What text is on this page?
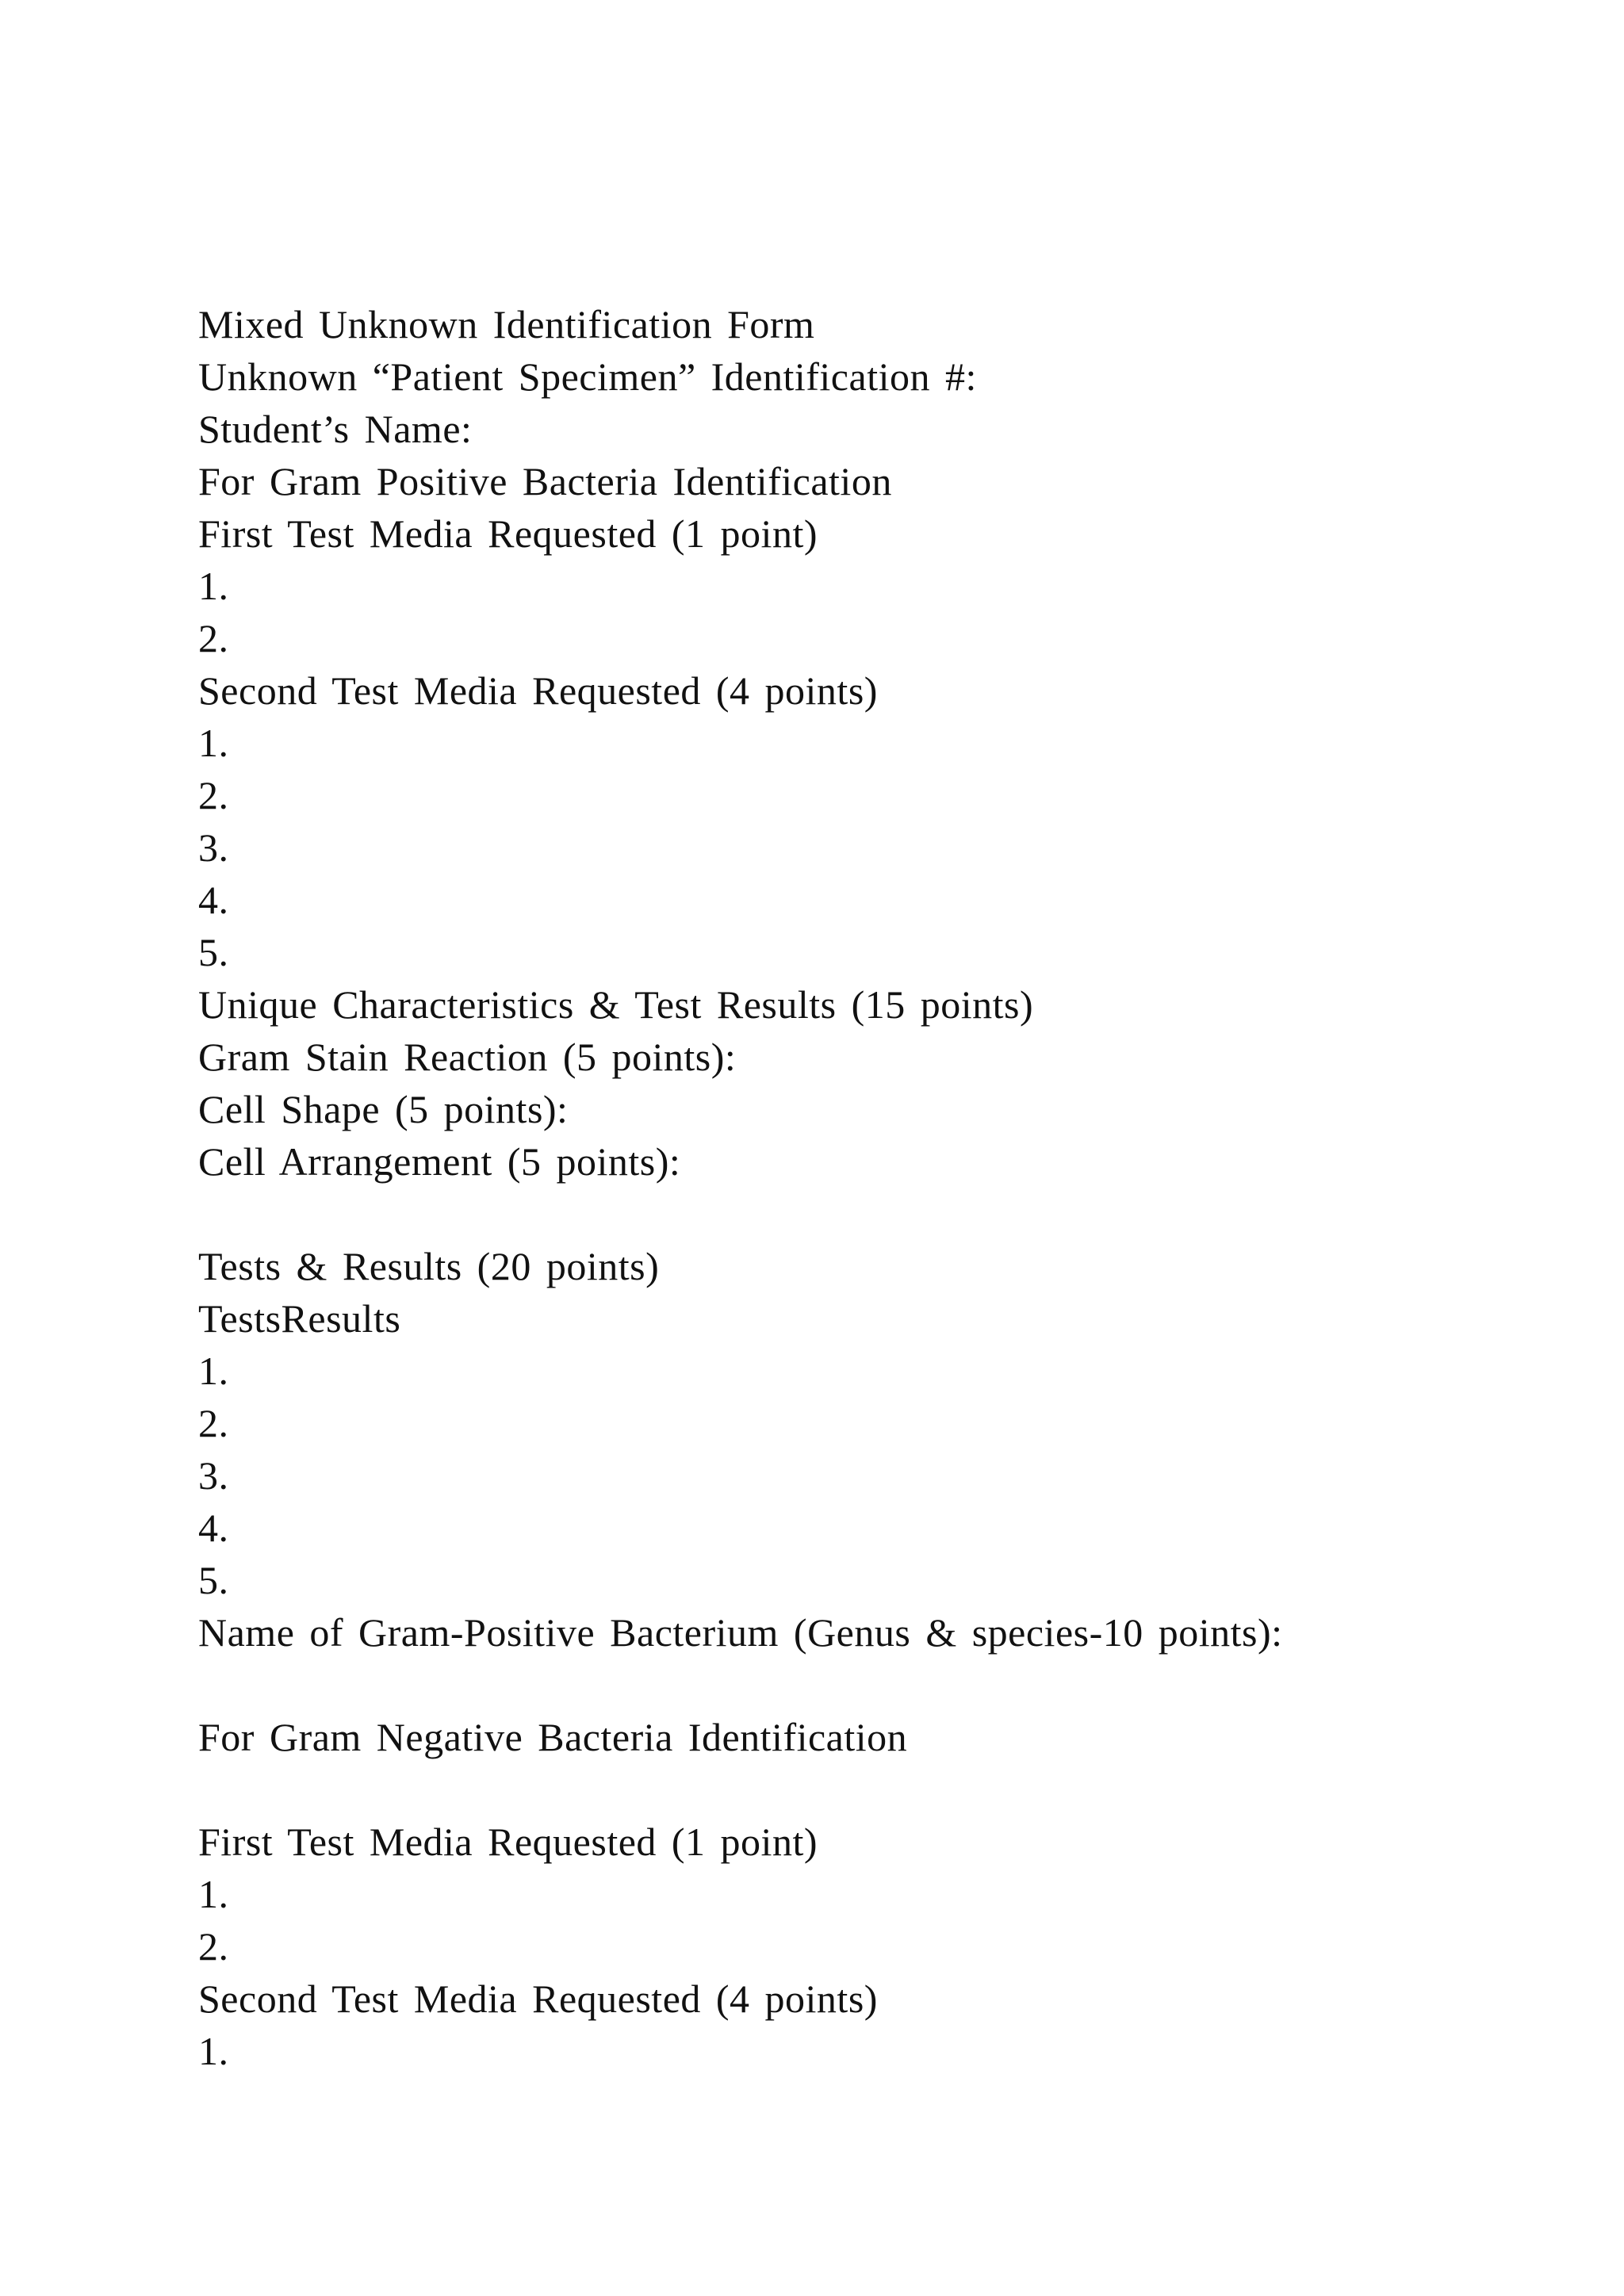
Mixed Unknown Identification Form
Unknown “Patient Specimen” Identification #:
Student’s Name:
For Gram Positive Bacteria Identification
First Test Media Requested (1 point)
1.
2.
Second Test Media Requested (4 points)
1.
2.
3.
4.
5.
Unique Characteristics & Test Results (15 points)
Gram Stain Reaction (5 points):
Cell Shape (5 points):
Cell Arrangement (5 points):
Tests & Results (20 points)
TestsResults
1.
2.
3.
4.
5.
Name of Gram-Positive Bacterium (Genus & species-10 points):
For Gram Negative Bacteria Identification
First Test Media Requested (1 point)
1.
2.
Second Test Media Requested (4 points)
1.
